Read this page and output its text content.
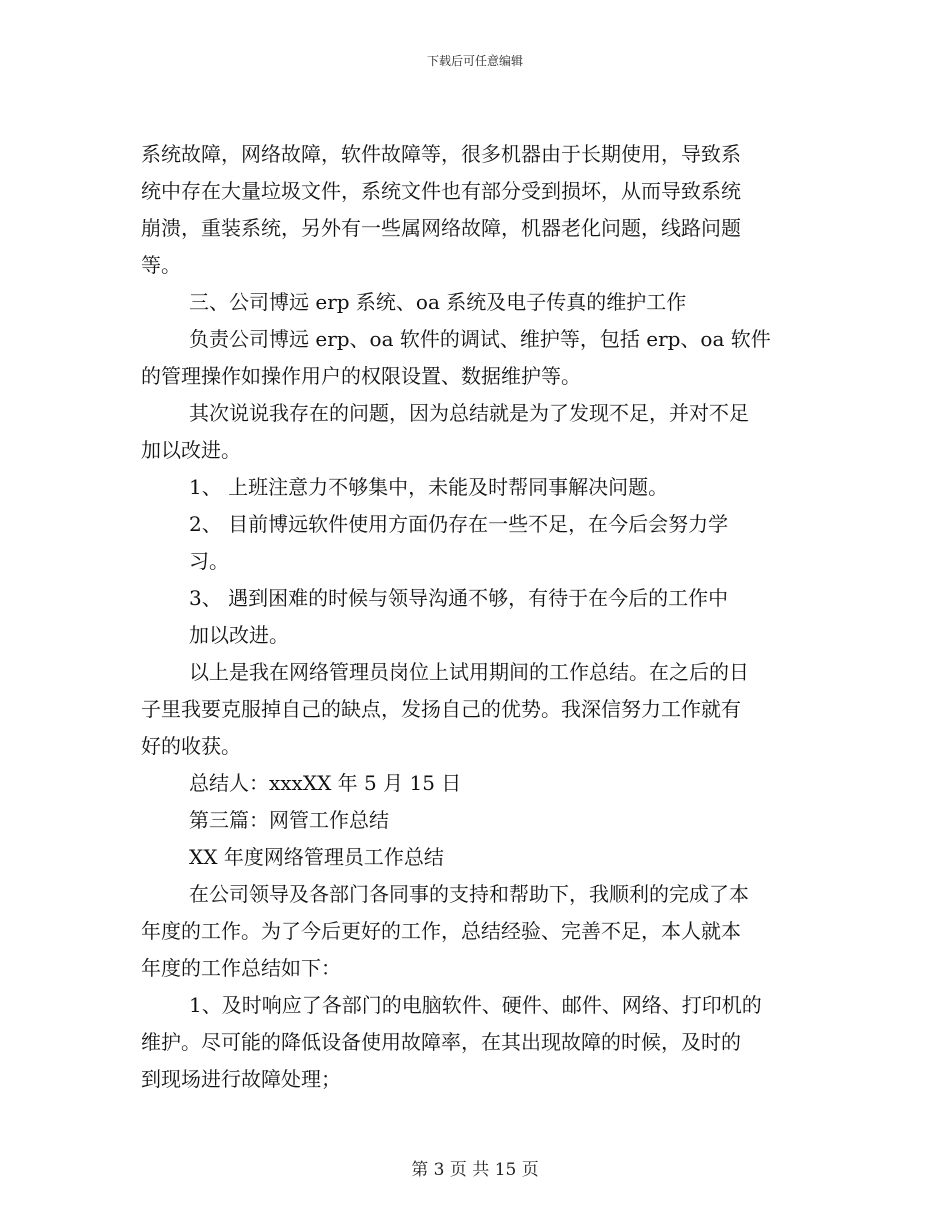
下载后可任意编辑
系统故障，网络故障，软件故障等，很多机器由于长期使用，导致系
统中存在大量垃圾文件，系统文件也有部分受到损坏，从而导致系统
崩溃，重装系统，另外有一些属网络故障，机器老化问题，线路问题
等。
三、公司博远 erp 系统、oa 系统及电子传真的维护工作
负责公司博远 erp、oa 软件的调试、维护等，包括 erp、oa 软件
的管理操作如操作用户的权限设置、数据维护等。
其次说说我存在的问题，因为总结就是为了发现不足，并对不足
加以改进。
1、 上班注意力不够集中，未能及时帮同事解决问题。
2、 目前博远软件使用方面仍存在一些不足，在今后会努力学
习。
3、 遇到困难的时候与领导沟通不够，有待于在今后的工作中
加以改进。
以上是我在网络管理员岗位上试用期间的工作总结。在之后的日
子里我要克服掉自己的缺点，发扬自己的优势。我深信努力工作就有
好的收获。
总结人：xxxXX 年 5 月 15 日
第三篇：网管工作总结
XX 年度网络管理员工作总结
在公司领导及各部门各同事的支持和帮助下，我顺利的完成了本
年度的工作。为了今后更好的工作，总结经验、完善不足，本人就本
年度的工作总结如下：
1、及时响应了各部门的电脑软件、硬件、邮件、网络、打印机的
维护。尽可能的降低设备使用故障率，在其出现故障的时候，及时的
到现场进行故障处理；
第 3 页 共 15 页
